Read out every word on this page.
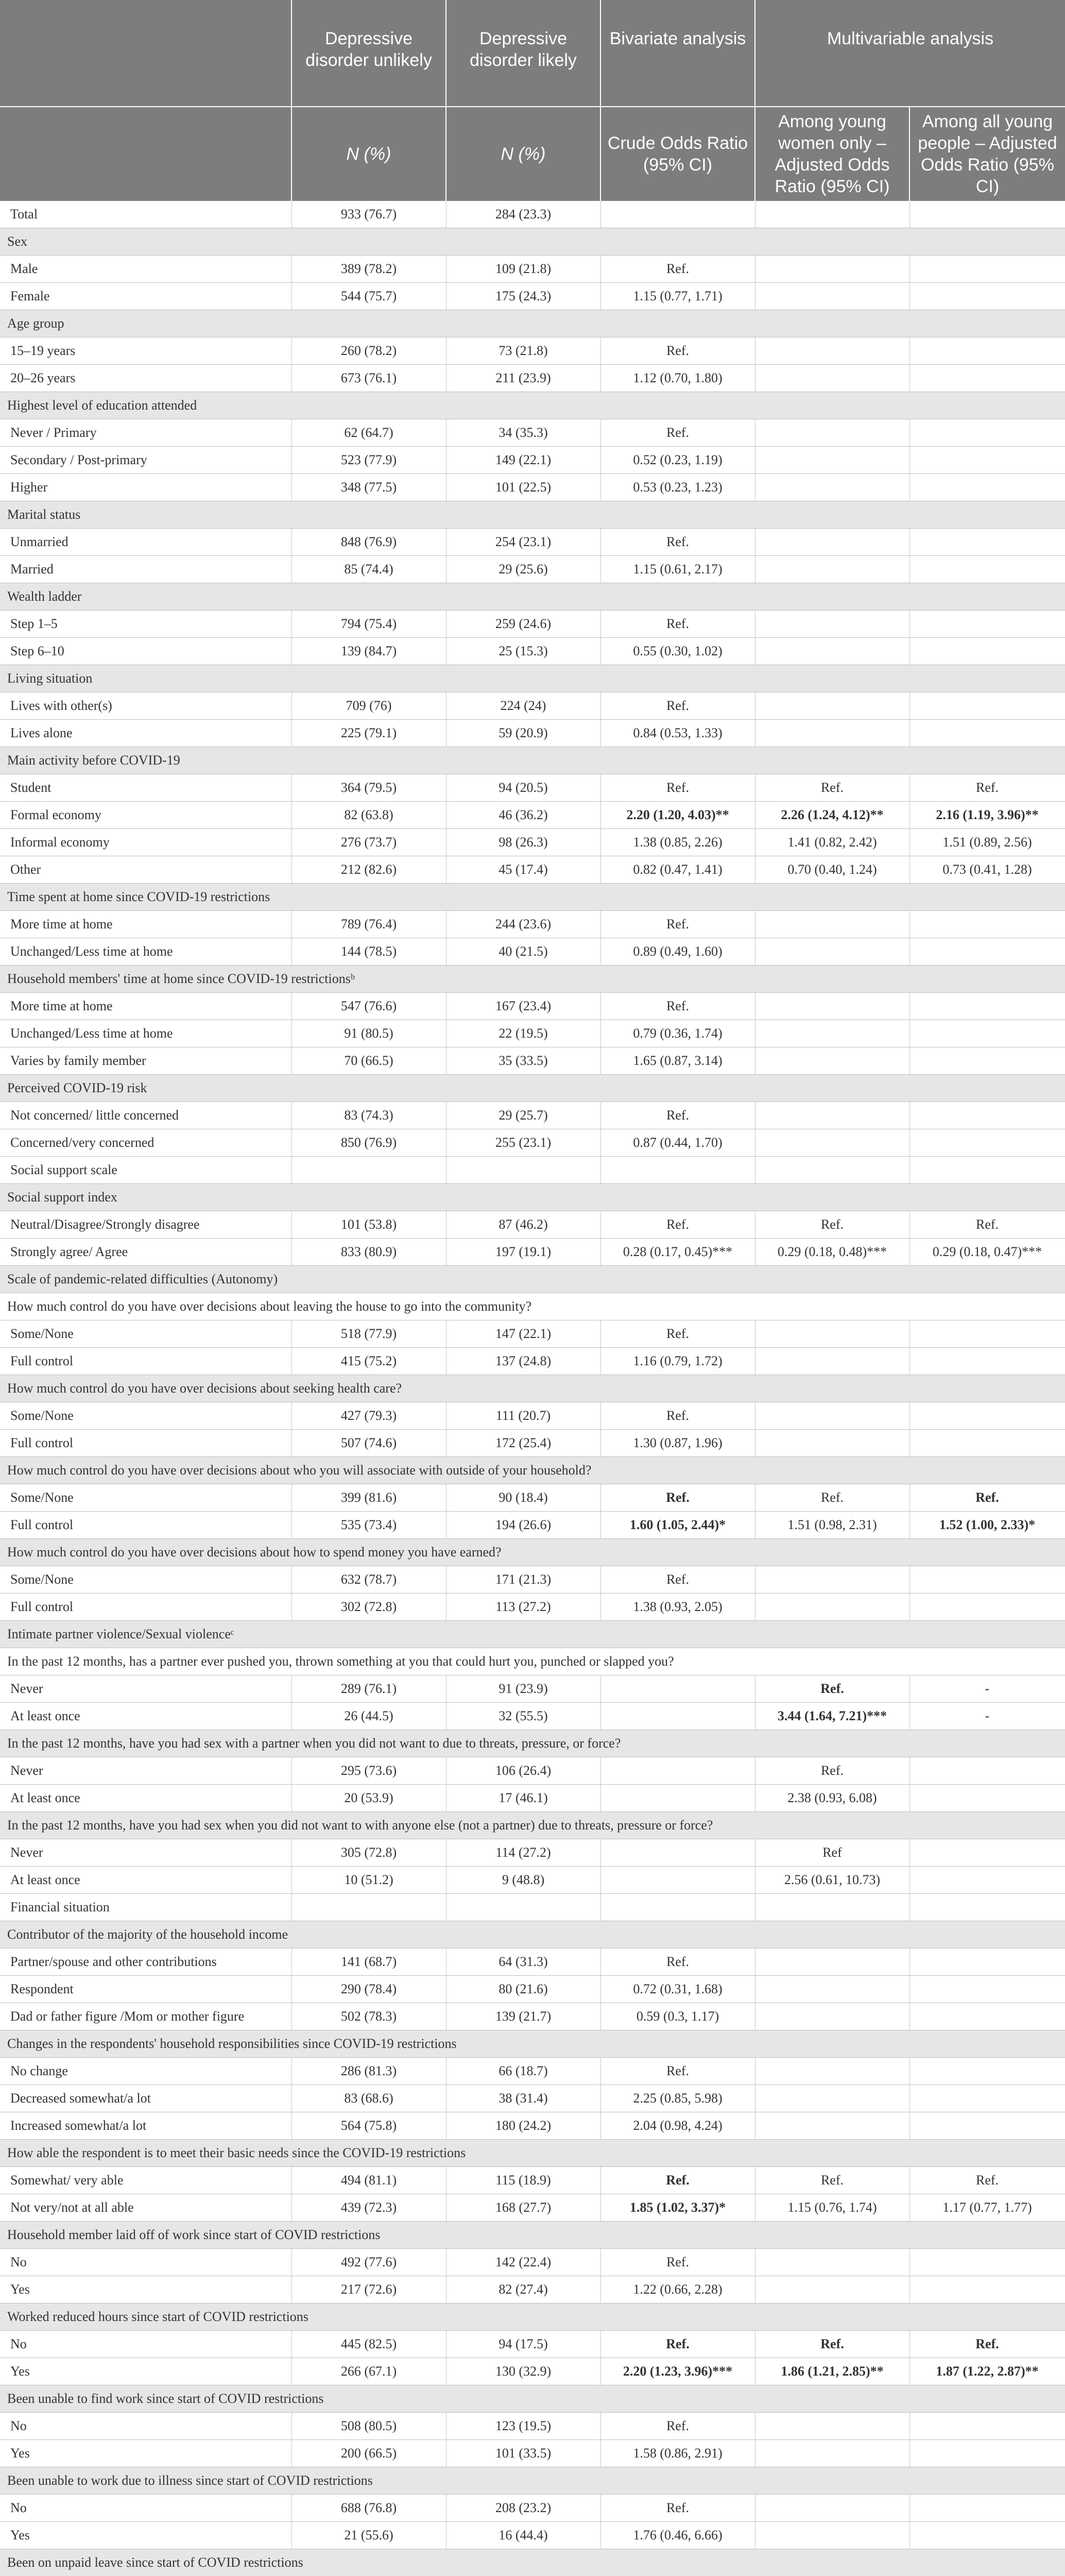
	Depressive disorder unlikely	Depressive disorder likely	Bivariate analysis	Multivariable analysis	
	N (%)	N (%)	Crude Odds Ratio (95% CI)	Among young women only – Adjusted Odds Ratio (95% CI)	Among all young people – Adjusted Odds Ratio (95% CI)
Total	933 (76.7)	284 (23.3)			
Sex					
Male	389 (78.2)	109 (21.8)	Ref.		
Female	544 (75.7)	175 (24.3)	1.15 (0.77, 1.71)		
Age group					
15–19 years	260 (78.2)	73 (21.8)	Ref.		
20–26 years	673 (76.1)	211 (23.9)	1.12 (0.70, 1.80)		
Highest level of education attended					
Never / Primary	62 (64.7)	34 (35.3)	Ref.		
Secondary / Post-primary	523 (77.9)	149 (22.1)	0.52 (0.23, 1.19)		
Higher	348 (77.5)	101 (22.5)	0.53 (0.23, 1.23)		
Marital status					
Unmarried	848 (76.9)	254 (23.1)	Ref.		
Married	85 (74.4)	29 (25.6)	1.15 (0.61, 2.17)		
Wealth ladder					
Step 1–5	794 (75.4)	259 (24.6)	Ref.		
Step 6–10	139 (84.7)	25 (15.3)	0.55 (0.30, 1.02)		
Living situation					
Lives with other(s)	709 (76)	224 (24)	Ref.		
Lives alone	225 (79.1)	59 (20.9)	0.84 (0.53, 1.33)		
Main activity before COVID-19					
Student	364 (79.5)	94 (20.5)	Ref.	Ref.	Ref.
Formal economy	82 (63.8)	46 (36.2)	2.20 (1.20, 4.03)**	2.26 (1.24, 4.12)**	2.16 (1.19, 3.96)**
Informal economy	276 (73.7)	98 (26.3)	1.38 (0.85, 2.26)	1.41 (0.82, 2.42)	1.51 (0.89, 2.56)
Other	212 (82.6)	45 (17.4)	0.82 (0.47, 1.41)	0.70 (0.40, 1.24)	0.73 (0.41, 1.28)
Time spent at home since COVID-19 restrictions					
More time at home	789 (76.4)	244 (23.6)	Ref.		
Unchanged/Less time at home	144 (78.5)	40 (21.5)	0.89 (0.49, 1.60)		
Household members' time at home since COVID-19 restrictionsᵇ					
More time at home	547 (76.6)	167 (23.4)	Ref.		
Unchanged/Less time at home	91 (80.5)	22 (19.5)	0.79 (0.36, 1.74)		
Varies by family member	70 (66.5)	35 (33.5)	1.65 (0.87, 3.14)		
Perceived COVID-19 risk					
Not concerned/ little concerned	83 (74.3)	29 (25.7)	Ref.		
Concerned/very concerned	850 (76.9)	255 (23.1)	0.87 (0.44, 1.70)		
Social support scale					
Social support index					
Neutral/Disagree/Strongly disagree	101 (53.8)	87 (46.2)	Ref.	Ref.	Ref.
Strongly agree/ Agree	833 (80.9)	197 (19.1)	0.28 (0.17, 0.45)***	0.29 (0.18, 0.48)***	0.29 (0.18, 0.47)***
Scale of pandemic-related difficulties (Autonomy)					
How much control do you have over decisions about leaving the house to go into the community?					
Some/None	518 (77.9)	147 (22.1)	Ref.		
Full control	415 (75.2)	137 (24.8)	1.16 (0.79, 1.72)		
How much control do you have over decisions about seeking health care?					
Some/None	427 (79.3)	111 (20.7)	Ref.		
Full control	507 (74.6)	172 (25.4)	1.30 (0.87, 1.96)		
How much control do you have over decisions about who you will associate with outside of your household?					
Some/None	399 (81.6)	90 (18.4)	Ref.	Ref.	Ref.
Full control	535 (73.4)	194 (26.6)	1.60 (1.05, 2.44)*	1.51 (0.98, 2.31)	1.52 (1.00, 2.33)*
How much control do you have over decisions about how to spend money you have earned?					
Some/None	632 (78.7)	171 (21.3)	Ref.		
Full control	302 (72.8)	113 (27.2)	1.38 (0.93, 2.05)		
Intimate partner violence/Sexual violenceᶜ					
In the past 12 months, has a partner ever pushed you, thrown something at you that could hurt you, punched or slapped you?					
Never	289 (76.1)	91 (23.9)		Ref.	-
At least once	26 (44.5)	32 (55.5)		3.44 (1.64, 7.21)***	-
In the past 12 months, have you had sex with a partner when you did not want to due to threats, pressure, or force?					
Never	295 (73.6)	106 (26.4)		Ref.	
At least once	20 (53.9)	17 (46.1)		2.38 (0.93, 6.08)	
In the past 12 months, have you had sex when you did not want to with anyone else (not a partner) due to threats, pressure or force?					
Never	305 (72.8)	114 (27.2)		Ref	
At least once	10 (51.2)	9 (48.8)		2.56 (0.61, 10.73)	
Financial situation					
Contributor of the majority of the household income					
Partner/spouse and other contributions	141 (68.7)	64 (31.3)	Ref.		
Respondent	290 (78.4)	80 (21.6)	0.72 (0.31, 1.68)		
Dad or father figure /Mom or mother figure	502 (78.3)	139 (21.7)	0.59 (0.3, 1.17)		
Changes in the respondents' household responsibilities since COVID-19 restrictions					
No change	286 (81.3)	66 (18.7)	Ref.		
Decreased somewhat/a lot	83 (68.6)	38 (31.4)	2.25 (0.85, 5.98)		
Increased somewhat/a lot	564 (75.8)	180 (24.2)	2.04 (0.98, 4.24)		
How able the respondent is to meet their basic needs since the COVID-19 restrictions					
Somewhat/ very able	494 (81.1)	115 (18.9)	Ref.	Ref.	Ref.
Not very/not at all able	439 (72.3)	168 (27.7)	1.85 (1.02, 3.37)*	1.15 (0.76, 1.74)	1.17 (0.77, 1.77)
Household member laid off of work since start of COVID restrictions					
No	492 (77.6)	142 (22.4)	Ref.		
Yes	217 (72.6)	82 (27.4)	1.22 (0.66, 2.28)		
Worked reduced hours since start of COVID restrictions					
No	445 (82.5)	94 (17.5)	Ref.	Ref.	Ref.
Yes	266 (67.1)	130 (32.9)	2.20 (1.23, 3.96)***	1.86 (1.21, 2.85)**	1.87 (1.22, 2.87)**
Been unable to find work since start of COVID restrictions					
No	508 (80.5)	123 (19.5)	Ref.		
Yes	200 (66.5)	101 (33.5)	1.58 (0.86, 2.91)		
Been unable to work due to illness since start of COVID restrictions					
No	688 (76.8)	208 (23.2)	Ref.		
Yes	21 (55.6)	16 (44.4)	1.76 (0.46, 6.66)		
Been on unpaid leave since start of COVID restrictions					
